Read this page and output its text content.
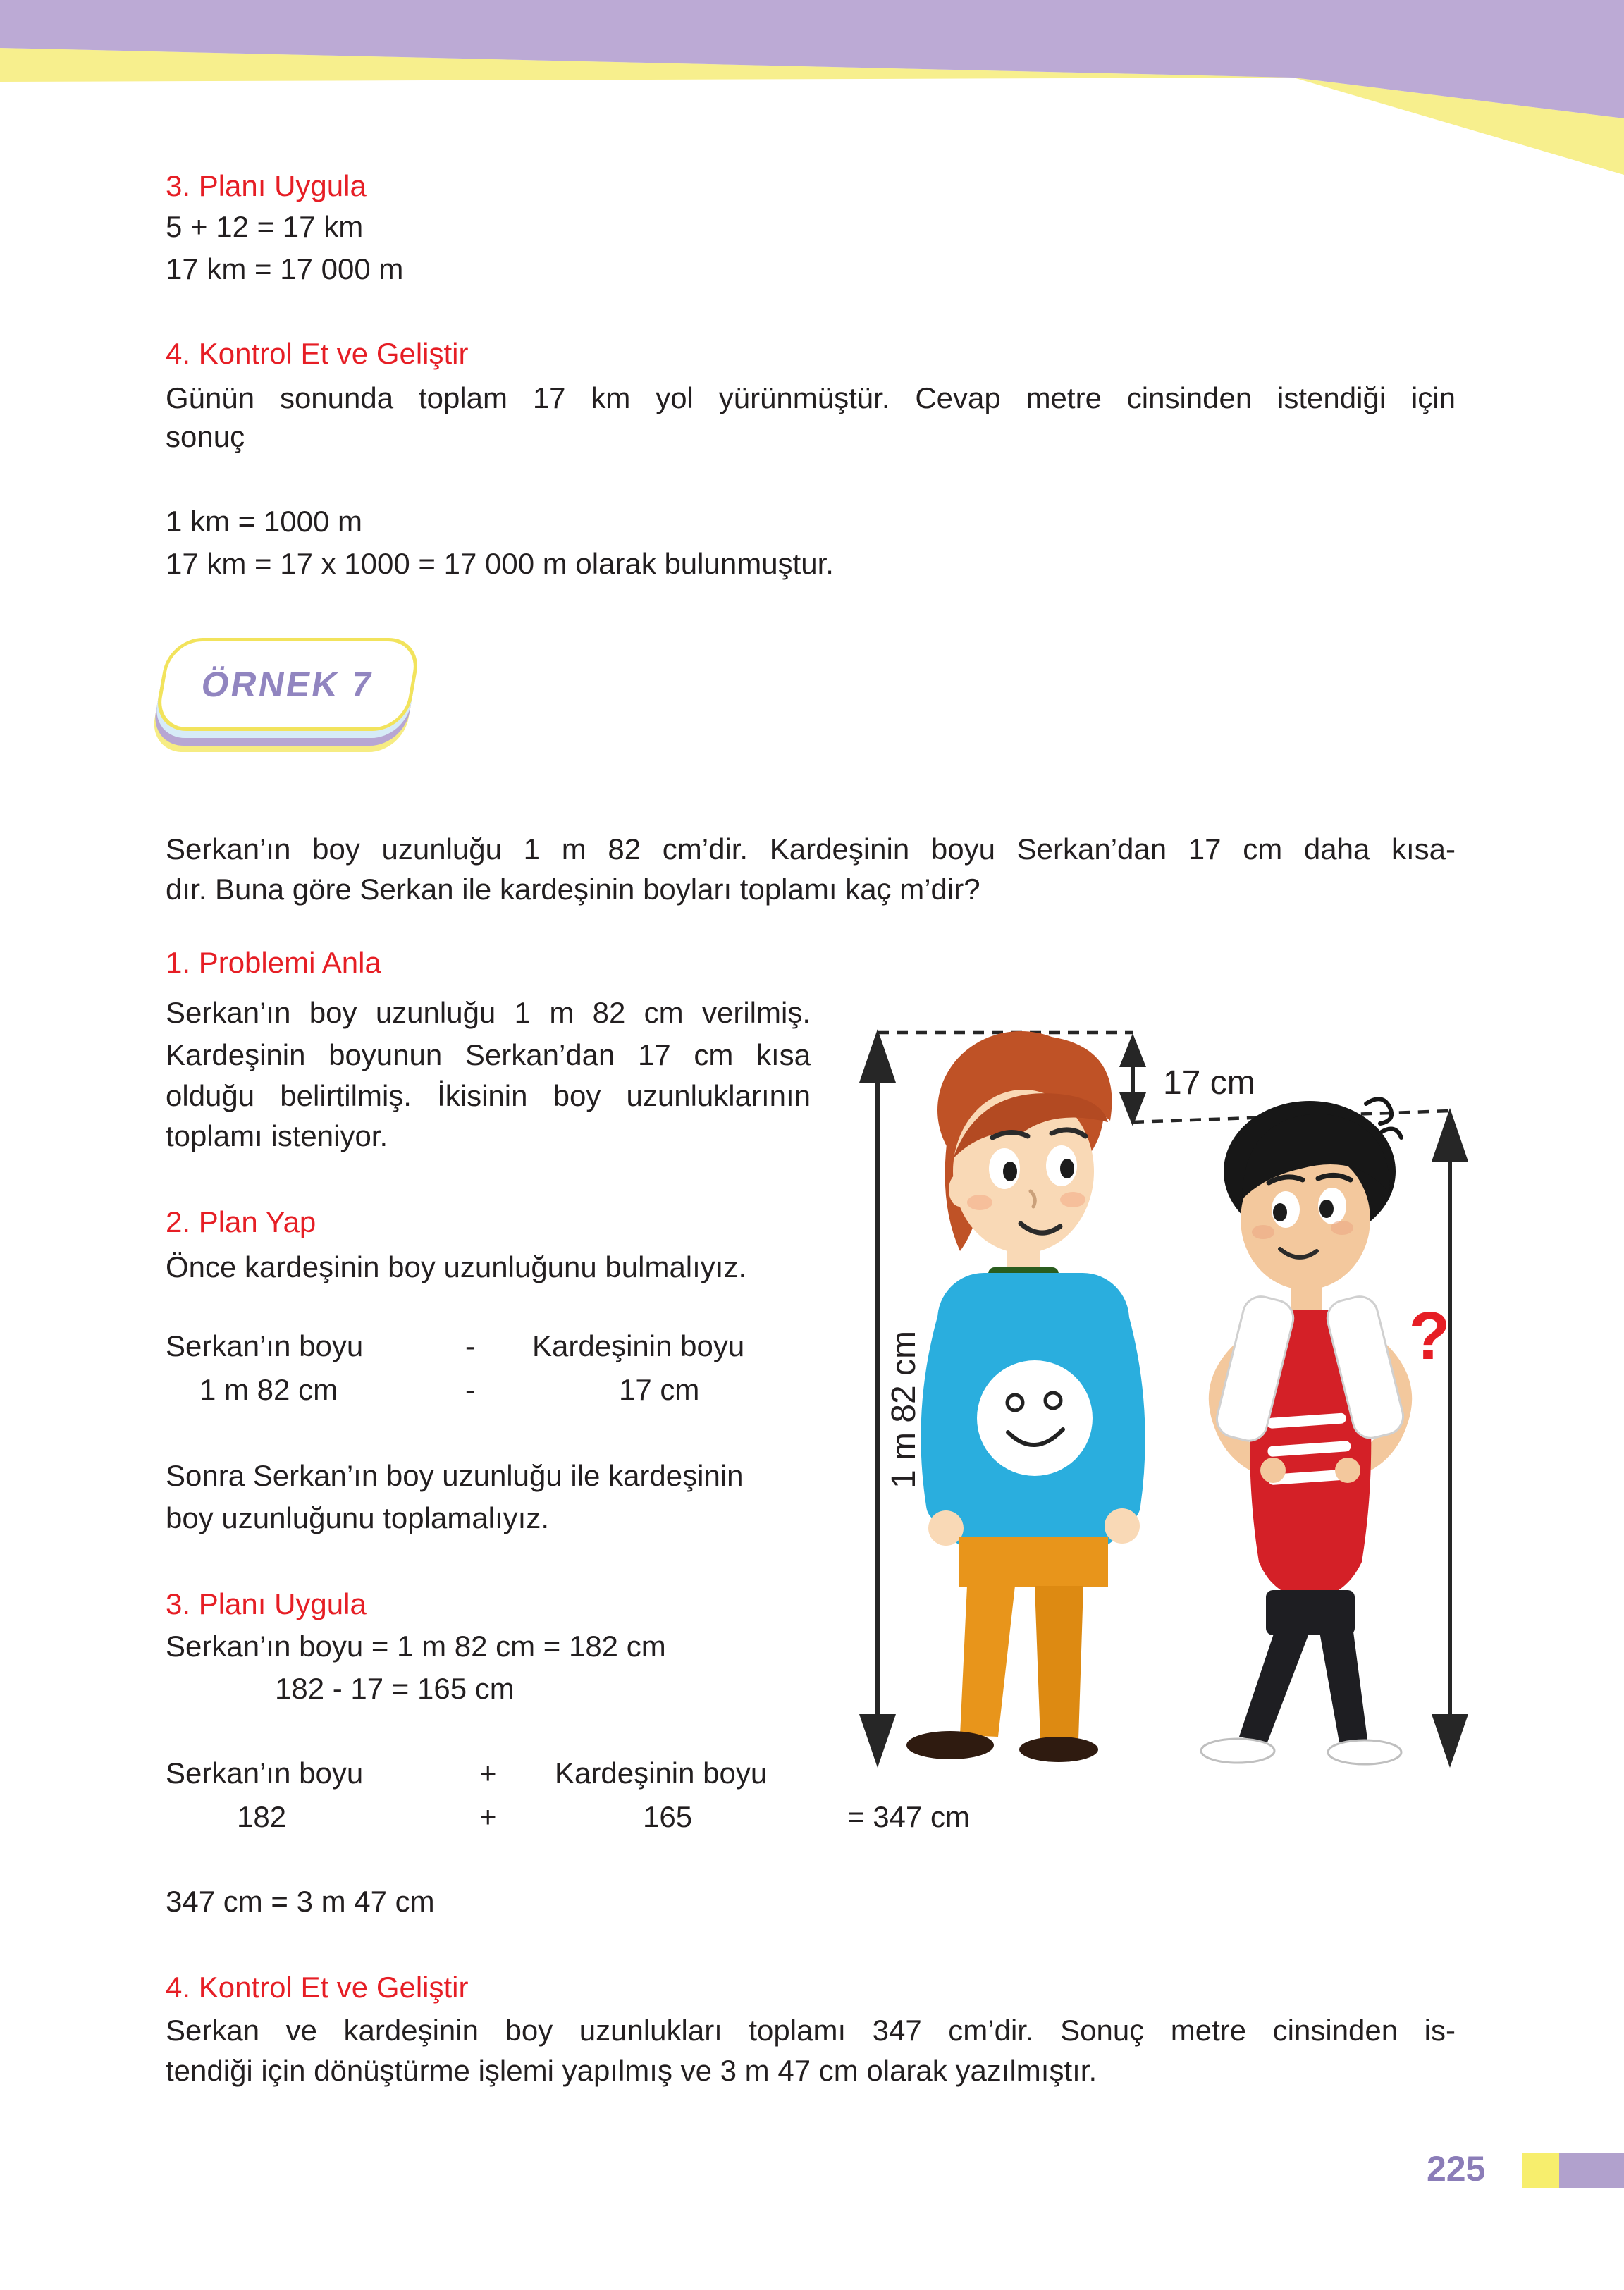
3. Planı Uygula
5 + 12 = 17 km
17 km = 17 000 m
4. Kontrol Et ve Geliştir
Günün sonunda toplam 17 km yol yürünmüştür. Cevap metre cinsinden istendiği için
sonuç
1 km = 1000 m
17 km = 17 x 1000 = 17 000 m olarak bulunmuştur.
ÖRNEK 7
Serkan’ın boy uzunluğu 1 m 82 cm’dir. Kardeşinin boyu Serkan’dan 17 cm daha kısa-
dır. Buna göre Serkan ile kardeşinin boyları toplamı kaç m’dir?
1. Problemi Anla
Serkan’ın boy uzunluğu 1 m 82 cm verilmiş.
Kardeşinin boyunun Serkan’dan 17 cm kısa
olduğu belirtilmiş. İkisinin boy uzunluklarının
toplamı isteniyor.
2. Plan Yap
Önce kardeşinin boy uzunluğunu bulmalıyız.
Serkan’ın boyu	- Kardeşinin boyu
1 m 82 cm	-	17 cm
Sonra Serkan’ın boy uzunluğu ile kardeşinin
boy uzunluğunu toplamalıyız.
3. Planı Uygula
Serkan’ın boyu = 1 m 82 cm = 182 cm
182 - 17 = 165 cm
Serkan’ın boyu	+ Kardeşinin boyu
182	+	165	= 347 cm
347 cm = 3 m 47 cm
4. Kontrol Et ve Geliştir
Serkan ve kardeşinin boy uzunlukları toplamı 347 cm’dir. Sonuç metre cinsinden is-
tendiği için dönüştürme işlemi yapılmış ve 3 m 47 cm olarak yazılmıştır.
1 m 82 cm
17 cm
?
225
